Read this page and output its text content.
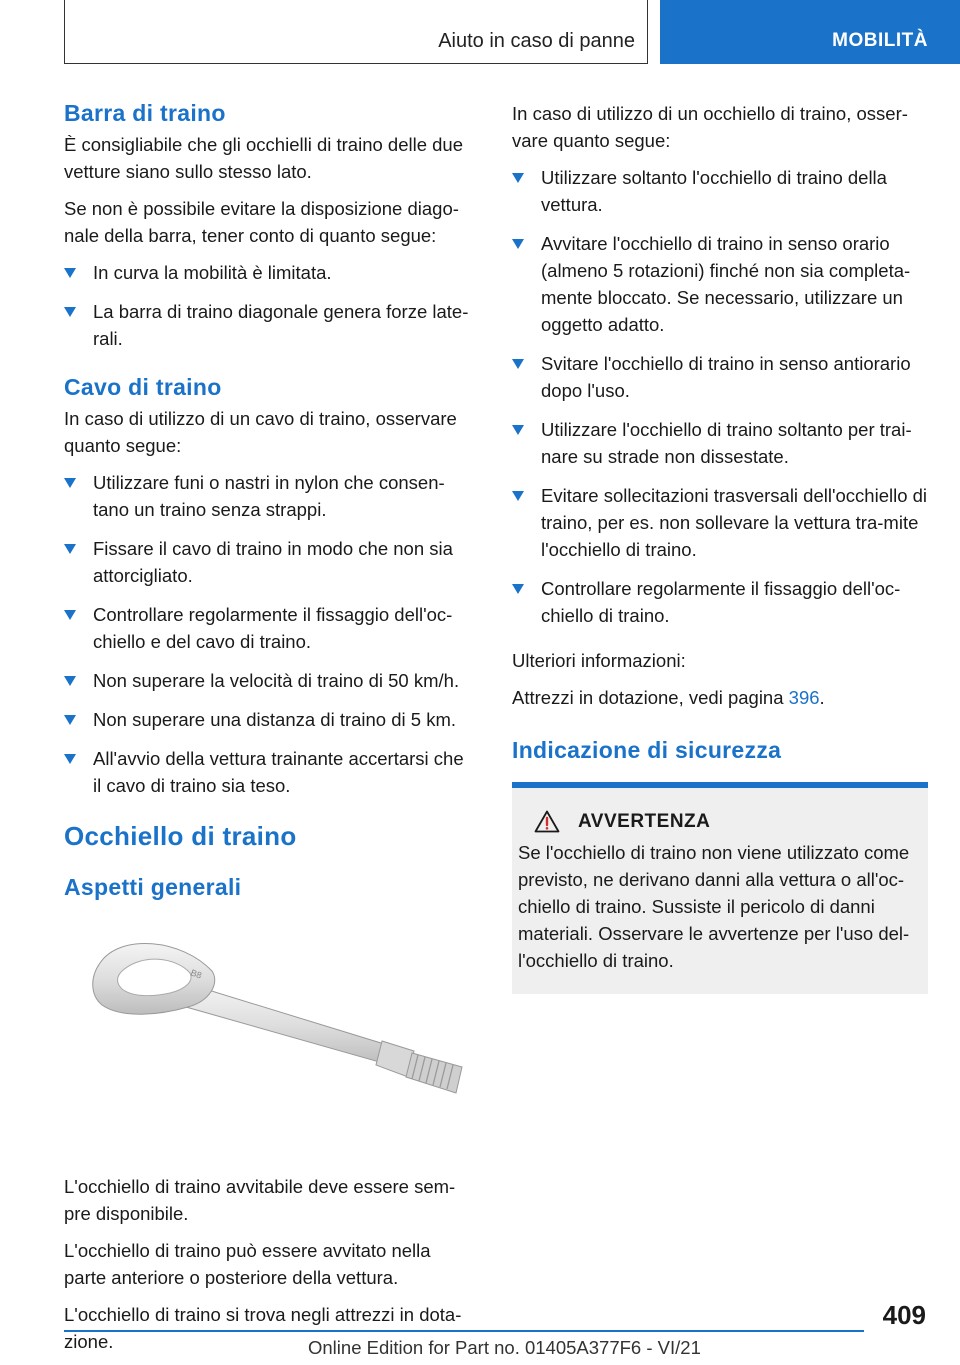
Aiuto in caso di panne	MOBILITÀ
Barra di traino

È consigliabile che gli occhielli di traino delle due vetture siano sullo stesso lato.

Se non è possibile evitare la disposizione diago-nale della barra, tener conto di quanto segue:

In curva la mobilità è limitata.
La barra di traino diagonale genera forze late-rali.
Cavo di traino

In caso di utilizzo di un cavo di traino, osservare quanto segue:

Utilizzare funi o nastri in nylon che consen-tano un traino senza strappi.
Fissare il cavo di traino in modo che non sia attorcigliato.
Controllare regolarmente il fissaggio dell'oc-chiello e del cavo di traino.
Non superare la velocità di traino di 50 km/h.
Non superare una distanza di traino di 5 km.
All'avvio della vettura trainante accertarsi che il cavo di traino sia teso.
Occhiello di traino
Aspetti generali
B8

L'occhiello di traino avvitabile deve essere sem-pre disponibile.

L'occhiello di traino può essere avvitato nella parte anteriore o posteriore della vettura.

L'occhiello di traino si trova negli attrezzi in dota-zione.

In caso di utilizzo di un occhiello di traino, osser-vare quanto segue:

Utilizzare soltanto l'occhiello di traino della vettura.
Avvitare l'occhiello di traino in senso orario (almeno 5 rotazioni) finché non sia completa-mente bloccato. Se necessario, utilizzare un oggetto adatto.
Svitare l'occhiello di traino in senso antiorario dopo l'uso.
Utilizzare l'occhiello di traino soltanto per trai-nare su strade non dissestate.
Evitare sollecitazioni trasversali dell'occhiello di traino, per es. non sollevare la vettura tra-mite l'occhiello di traino.
Controllare regolarmente il fissaggio dell'oc-chiello di traino.

Ulteriori informazioni:

Attrezzi in dotazione, vedi pagina 396.

Indicazione di sicurezza
AVVERTENZA

Se l'occhiello di traino non viene utilizzato come previsto, ne derivano danni alla vettura o all'oc-chiello di traino. Sussiste il pericolo di danni materiali. Osservare le avvertenze per l'uso del-l'occhiello di traino.

409
Online Edition for Part no. 01405A377F6 - VI/21
